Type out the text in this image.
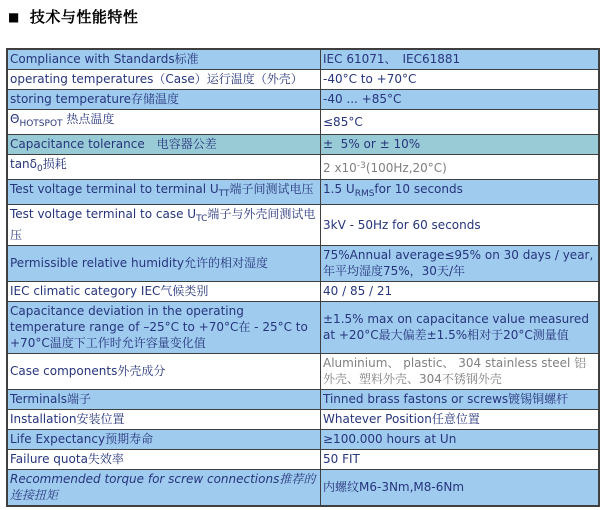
■ 技术与性能特性
Compliance with Standards标准	IEC 61071、　IEC61881
operating temperatures（Case）运行温度（外壳）	-40°C to +70°C
storing temperature存储温度	-40 ... +85°C
$\Theta_{HOTSPOT}$ 热点温度	≤85°C
Capacitance tolerance　电容器公差	±  5% or ± 10%
tanδ$_0$损耗	2 $x10^{-3}(100Hz,20^\circ C)$
Test voltage terminal to terminal $U_{TT}$端子间测试电压	1.5 $U_{RMS}for$ 10 seconds
Test voltage terminal to case $U_{TC}$端子与外壳间测试电压	3kV - 50Hz for 60 seconds
Permissible relative humidity允许的相对湿度	75%Annual average≤95% on 30 days / year,年平均湿度75%，30天/年
IEC climatic category IEC气候类别	40 / 85 / 21
Capacitance deviation in the operating temperature range of –25°C to +70°C在 - 25°C to +70°C温度下工作时允许容量变化值	±1.5% max on capacitance value measured at +20°C最大偏差±1.5%相对于20°C测量值
Case components外壳成分	Aluminium、 plastic、 304 stainless steel 铝外壳、塑料外壳、304不锈钢外壳
Terminals端子	Tinned brass fastons or screws镀锡铜螺杆
Installation安装位置	Whatever Position任意位置
Life Expectancy预期寿命	≥100.000 hours at Un
Failure quota失效率	50 FIT
Recommended torque for screw connections推荐的连接扭矩	内螺纹M6-3Nm,M8-6Nm
